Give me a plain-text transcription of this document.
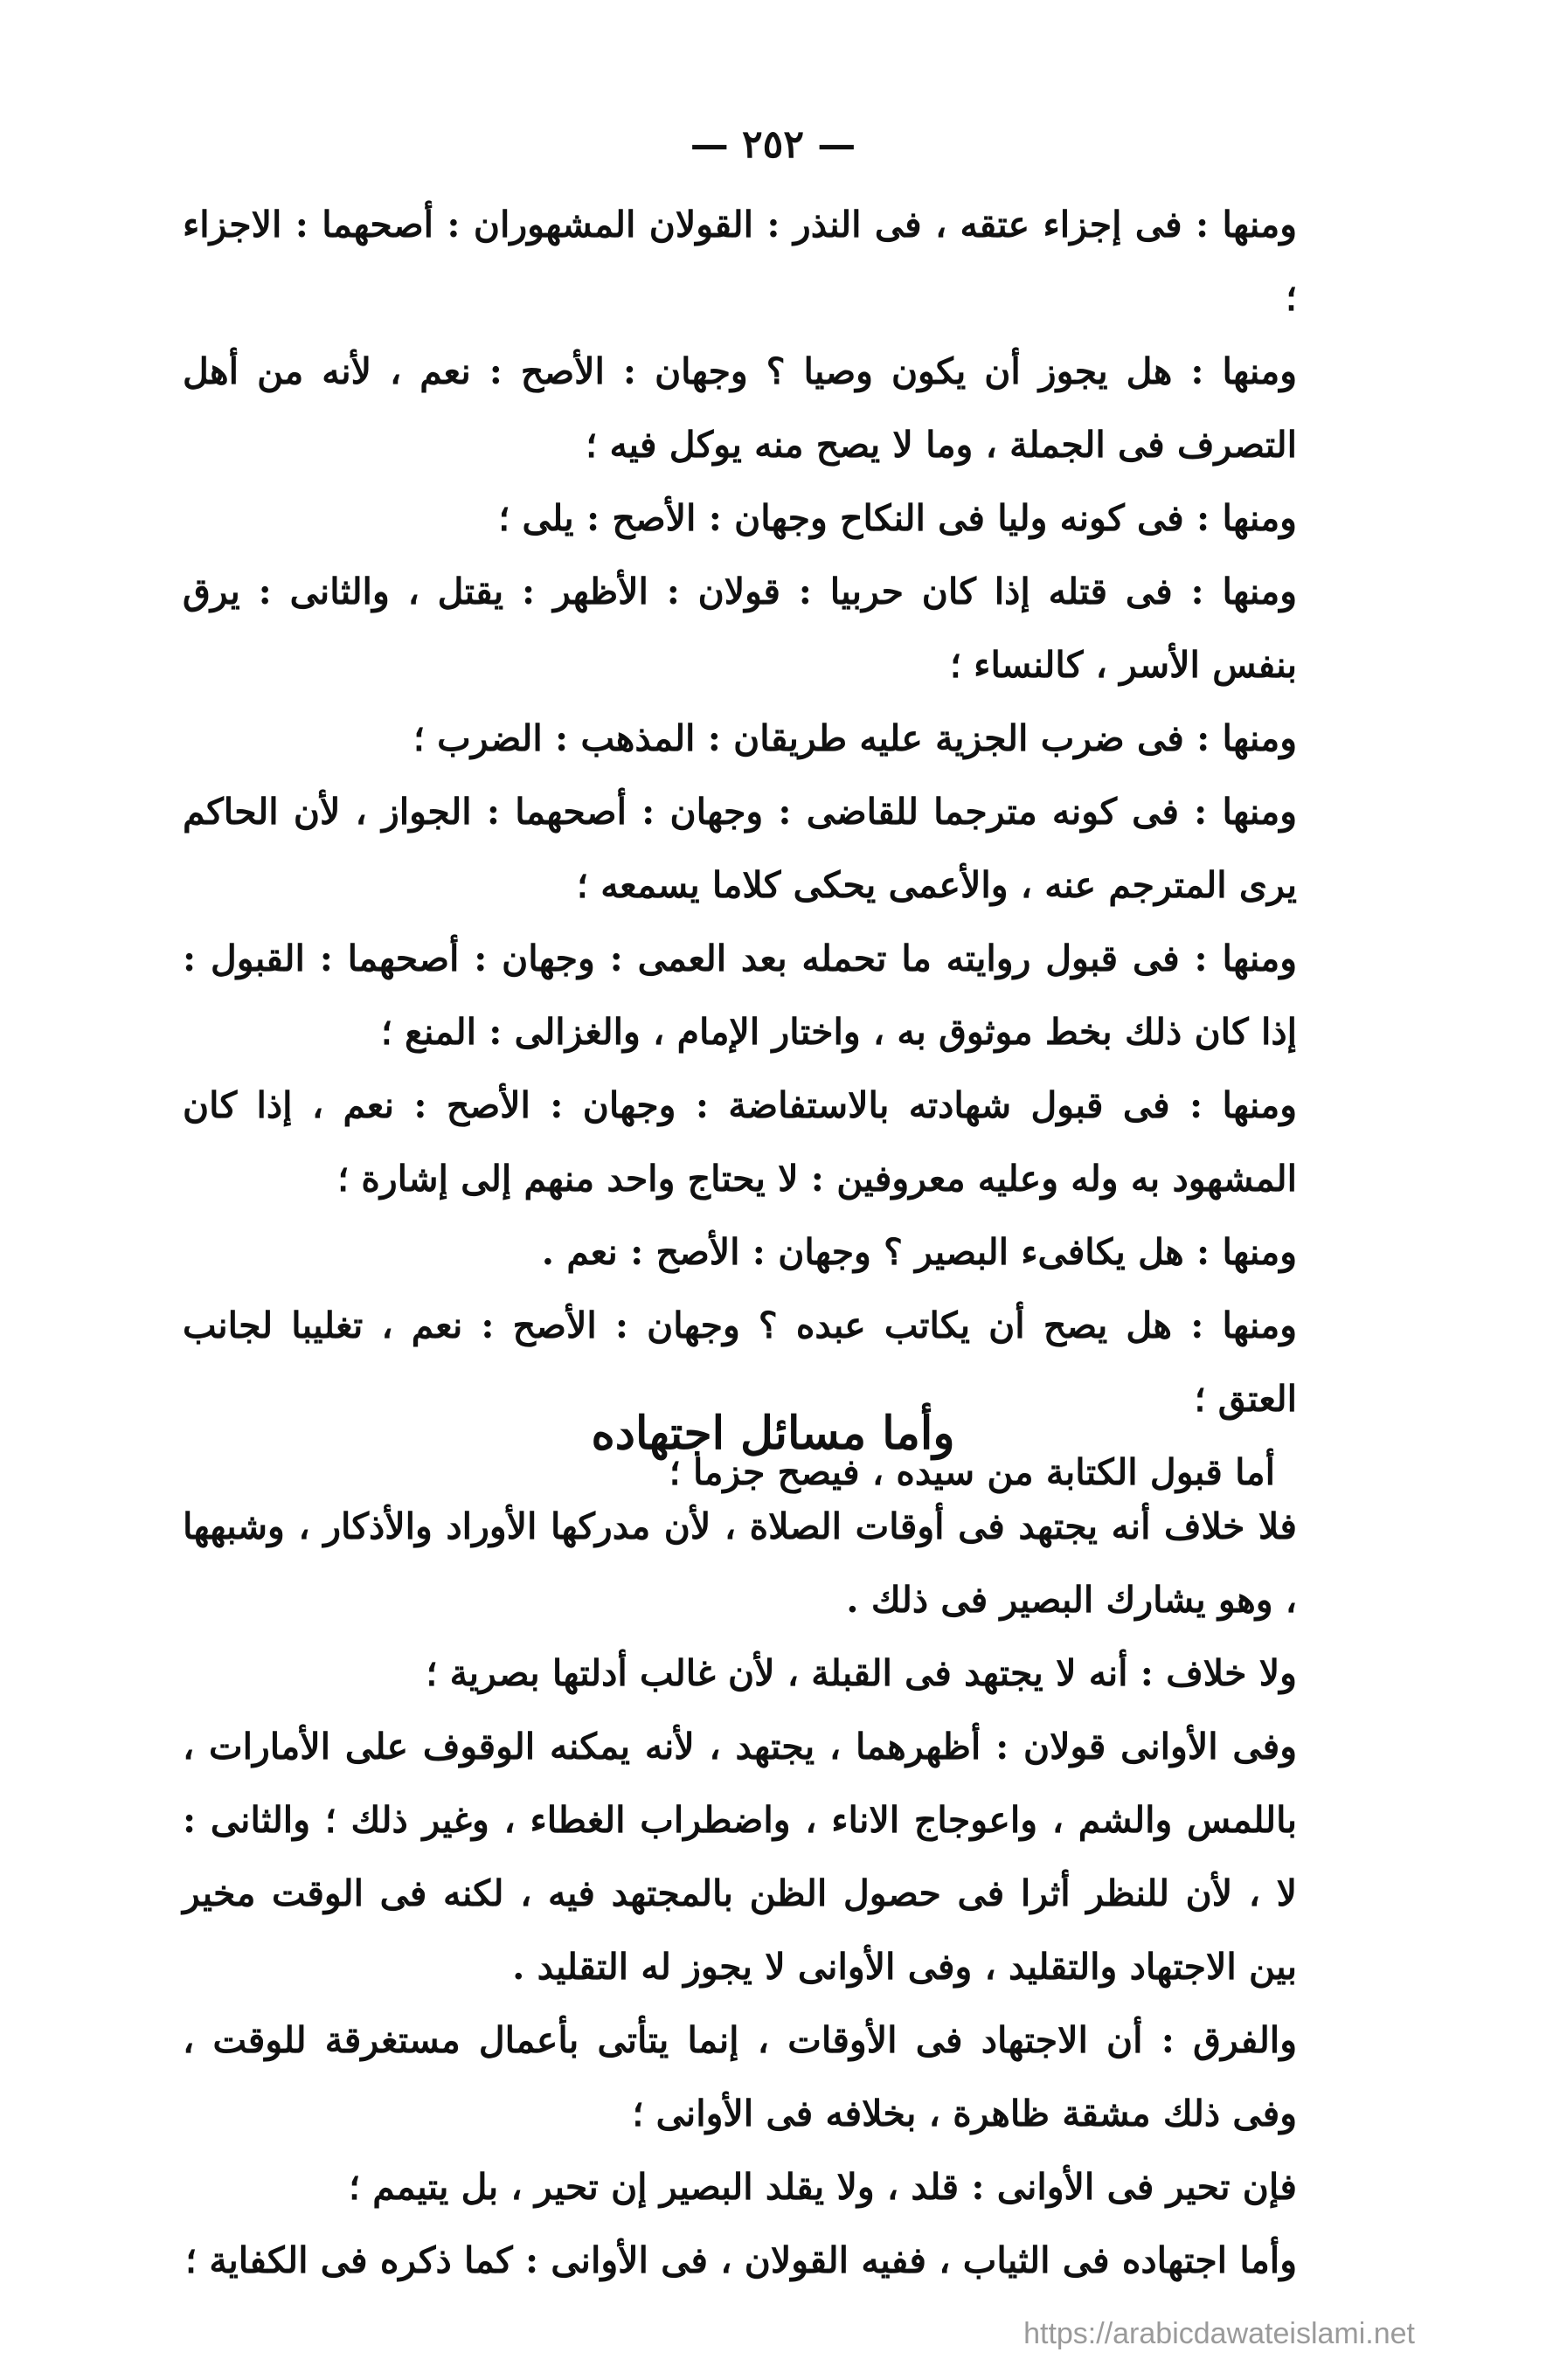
— ٢٥٢ —

ومنها : فى إجزاء عتقه ، فى النذر : القولان المشهوران : أصحهما : الاجزاء ؛

ومنها : هل يجوز أن يكون وصيا ؟ وجهان : الأصح : نعم ، لأنه من أهل التصرف فى الجملة ، وما لا يصح منه يوكل فيه ؛

ومنها : فى كونه وليا فى النكاح وجهان : الأصح : يلى ؛

ومنها : فى قتله إذا كان حربيا : قولان : الأظهر : يقتل ، والثانى : يرق بنفس الأسر ، كالنساء ؛

ومنها : فى ضرب الجزية عليه طريقان : المذهب : الضرب ؛

ومنها : فى كونه مترجما للقاضى : وجهان : أصحهما : الجواز ، لأن الحاكم يرى المترجم عنه ، والأعمى يحكى كلاما يسمعه ؛

ومنها : فى قبول روايته ما تحمله بعد العمى : وجهان : أصحهما : القبول : إذا كان ذلك بخط موثوق به ، واختار الإمام ، والغزالى : المنع ؛

ومنها : فى قبول شهادته بالاستفاضة : وجهان : الأصح : نعم ، إذا كان المشهود به وله وعليه معروفين : لا يحتاج واحد منهم إلى إشارة ؛

ومنها : هل يكافىء البصير ؟ وجهان : الأصح : نعم .

ومنها : هل يصح أن يكاتب عبده ؟ وجهان : الأصح : نعم ، تغليبا لجانب العتق ؛

أما قبول الكتابة من سيده ، فيصح جزما ؛

وأما مسائل اجتهاده

فلا خلاف أنه يجتهد فى أوقات الصلاة ، لأن مدركها الأوراد والأذكار ، وشبهها ، وهو يشارك البصير فى ذلك .

ولا خلاف : أنه لا يجتهد فى القبلة ، لأن غالب أدلتها بصرية ؛

وفى الأوانى قولان : أظهرهما ، يجتهد ، لأنه يمكنه الوقوف على الأمارات ، باللمس والشم ، واعوجاج الاناء ، واضطراب الغطاء ، وغير ذلك ؛ والثانى : لا ، لأن للنظر أثرا فى حصول الظن بالمجتهد فيه ، لكنه فى الوقت مخير بين الاجتهاد والتقليد ، وفى الأوانى لا يجوز له التقليد .

والفرق : أن الاجتهاد فى الأوقات ، إنما يتأتى بأعمال مستغرقة للوقت ، وفى ذلك مشقة ظاهرة ، بخلافه فى الأوانى ؛

فإن تحير فى الأوانى : قلد ، ولا يقلد البصير إن تحير ، بل يتيمم ؛

وأما اجتهاده فى الثياب ، ففيه القولان ، فى الأوانى : كما ذكره فى الكفاية ؛

https://arabicdawateislami.net
